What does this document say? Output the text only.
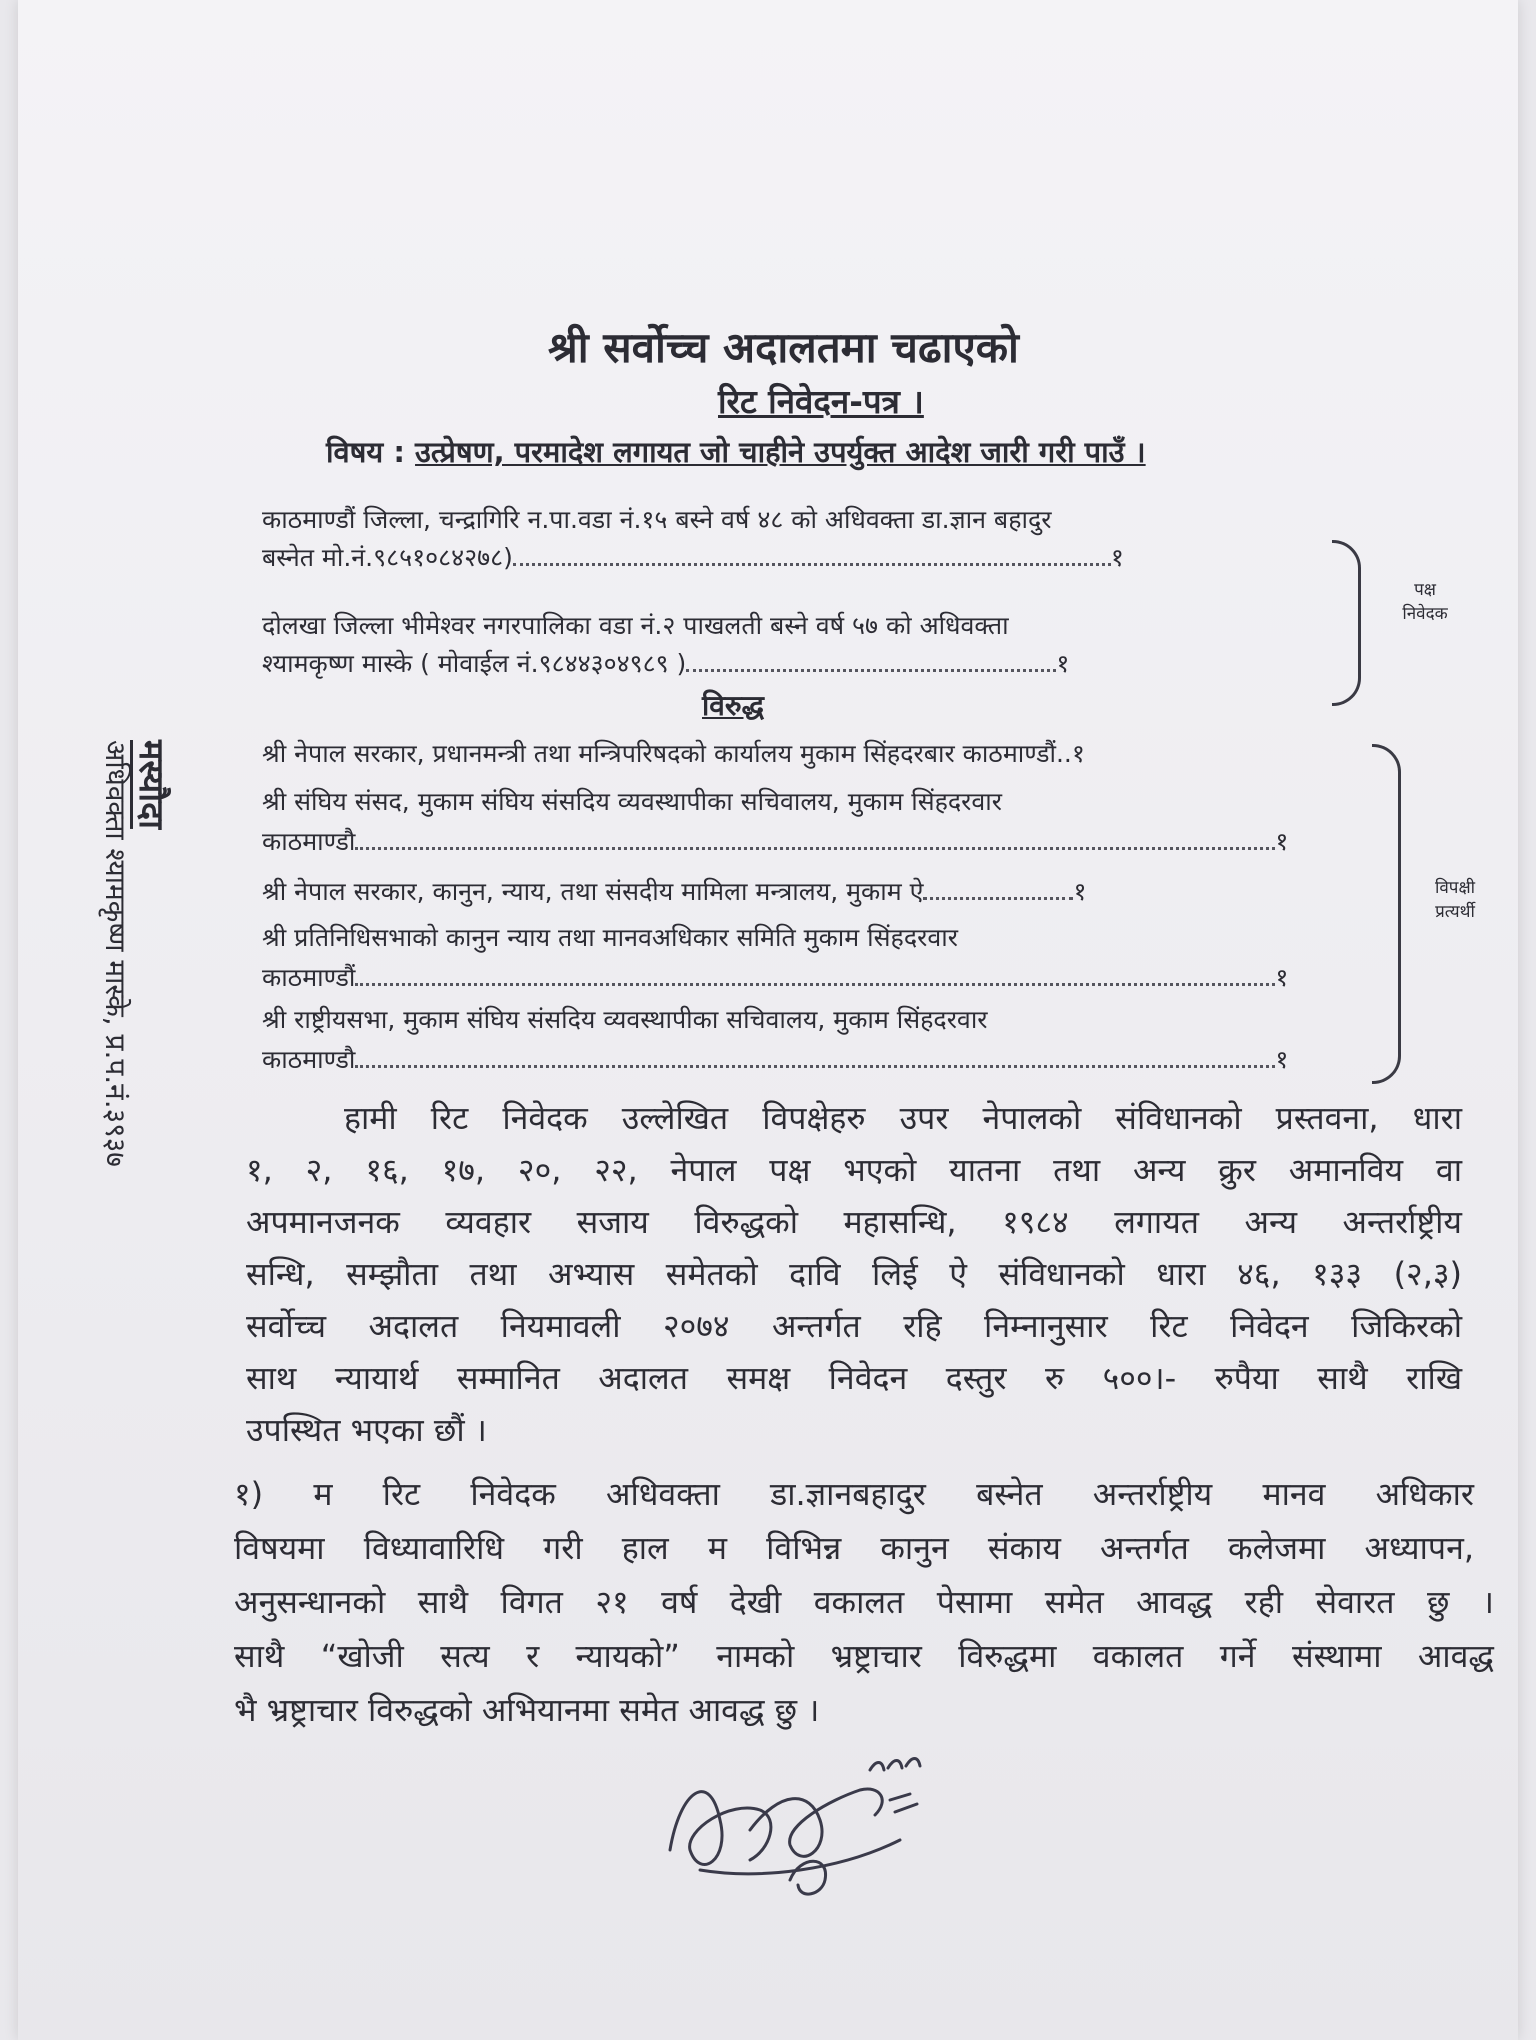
श्री सर्वोच्च अदालतमा चढाएको
रिट निवेदन-पत्र ।
विषय : उत्प्रेषण, परमादेश लगायत जो चाहीने उपर्युक्त आदेश जारी गरी पाउँ ।
काठमाण्डौं जिल्ला, चन्द्रागिरि न.पा.वडा नं.१५ बस्ने वर्ष ४८ को अधिवक्ता डा.ज्ञान बहादुर
बस्नेत मो.नं.९८५१०८४२७८)	१
दोलखा जिल्ला भीमेश्वर नगरपालिका वडा नं.२ पाखलती बस्ने वर्ष ५७ को अधिवक्ता
श्यामकृष्ण मास्के ( मोवाईल नं.९८४४३०४९८९ )	१
पक्ष
निवेदक
विरुद्ध
श्री नेपाल सरकार, प्रधानमन्त्री तथा मन्त्रिपरिषदको कार्यालय मुकाम सिंहदरबार काठमाण्डौं..१
श्री संघिय संसद, मुकाम संघिय संसदिय व्यवस्थापीका सचिवालय, मुकाम सिंहदरवार
काठमाण्डौ	१
श्री नेपाल सरकार, कानुन, न्याय, तथा संसदीय मामिला मन्त्रालय, मुकाम ऐ	१
श्री प्रतिनिधिसभाको कानुन न्याय तथा मानवअधिकार समिति मुकाम सिंहदरवार
काठमाण्डौं	१
श्री राष्ट्रीयसभा, मुकाम संघिय संसदिय व्यवस्थापीका सचिवालय, मुकाम सिंहदरवार
काठमाण्डौ	१
विपक्षी
प्रत्यर्थी
मस्यौदा
अधिवक्ता श्यामकृष्ण मास्के, प्र.प.नं.३९३७	हामी रिट निवेदक उल्लेखित विपक्षेहरु उपर नेपालको संविधानको प्रस्तवना, धारा
१, २, १६, १७, २०, २२, नेपाल पक्ष भएको यातना तथा अन्य क्रुर अमानविय वा
अपमानजनक व्यवहार सजाय विरुद्धको महासन्धि, १९८४ लगायत अन्य अन्तर्राष्ट्रीय
सन्धि, सम्झौता तथा अभ्यास समेतको दावि लिई ऐ संविधानको धारा ४६, १३३ (२,३)
सर्वोच्च अदालत नियमावली २०७४ अन्तर्गत रहि निम्नानुसार रिट निवेदन जिकिरको
साथ न्यायार्थ सम्मानित अदालत समक्ष निवेदन दस्तुर रु ५००।- रुपैया साथै राखि
उपस्थित भएका छौं ।
१) म रिट निवेदक अधिवक्ता डा.ज्ञानबहादुर बस्नेत अन्तर्राष्ट्रीय मानव अधिकार
विषयमा विध्यावारिधि गरी हाल म विभिन्न कानुन संकाय अन्तर्गत कलेजमा अध्यापन,
अनुसन्धानको साथै विगत २१ वर्ष देखी वकालत पेसामा समेत आवद्ध रही सेवारत छु ।
साथै “खोजी सत्य र न्यायको” नामको भ्रष्ट्राचार विरुद्धमा वकालत गर्ने संस्थामा आवद्ध
भै भ्रष्ट्राचार विरुद्धको अभियानमा समेत आवद्ध छु ।
